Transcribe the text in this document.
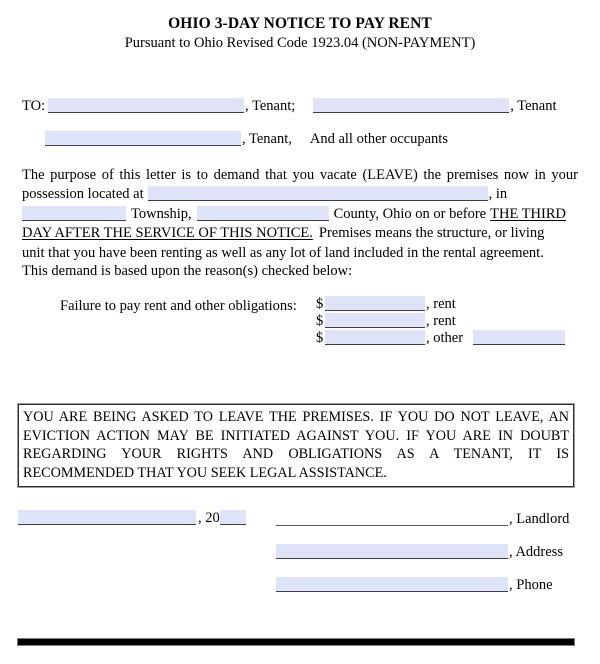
OHIO 3-DAY NOTICE TO PAY RENT
Pursuant to Ohio Revised Code 1923.04 (NON-PAYMENT)
TO:	, Tenant;	, Tenant
, Tenant, And all other occupants
The purpose of this letter is to demand that you vacate (LEAVE) the premises now in your
possession located at	, in
Township,	County, Ohio on or before THE THIRD
DAY AFTER THE SERVICE OF THIS NOTICE. Premises means the structure, or living
unit that you have been renting as well as any lot of land included in the rental agreement.
This demand is based upon the reason(s) checked below:
Failure to pay rent and other obligations: $	, rent
$	, rent
$	, other
YOU ARE BEING ASKED TO LEAVE THE PREMISES. IF YOU DO NOT LEAVE, AN
EVICTION ACTION MAY BE INITIATED AGAINST YOU. IF YOU ARE IN DOUBT
REGARDING YOUR RIGHTS AND OBLIGATIONS AS A TENANT, IT IS
RECOMMENDED THAT YOU SEEK LEGAL ASSISTANCE.
, 20	, Landlord
, Address
, Phone
